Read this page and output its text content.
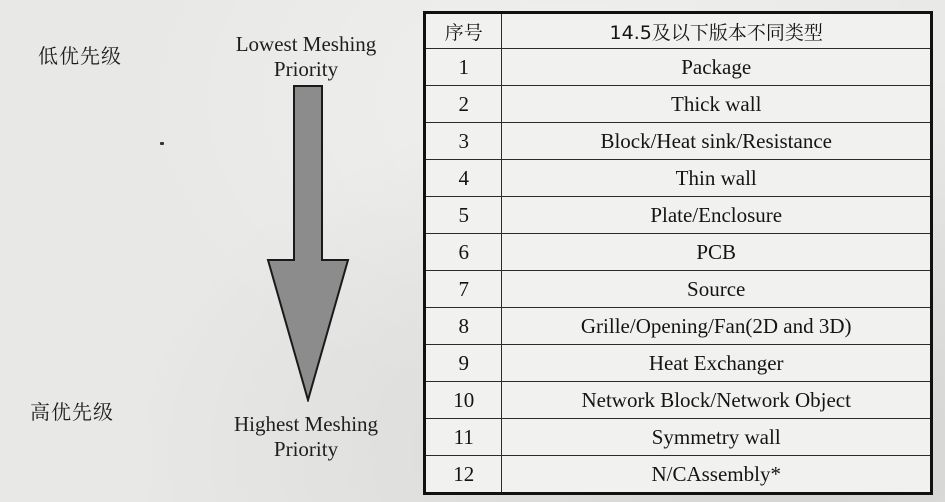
低优先级
高优先级
Lowest Meshing
Priority
Highest Meshing
Priority
序号	14.5及以下版本不同类型
1	Package
2	Thick wall
3	Block/Heat sink/Resistance
4	Thin wall
5	Plate/Enclosure
6	PCB
7	Source
8	Grille/Opening/Fan(2D and 3D)
9	Heat Exchanger
10	Network Block/Network Object
11	Symmetry wall
12	N/CAssembly*
